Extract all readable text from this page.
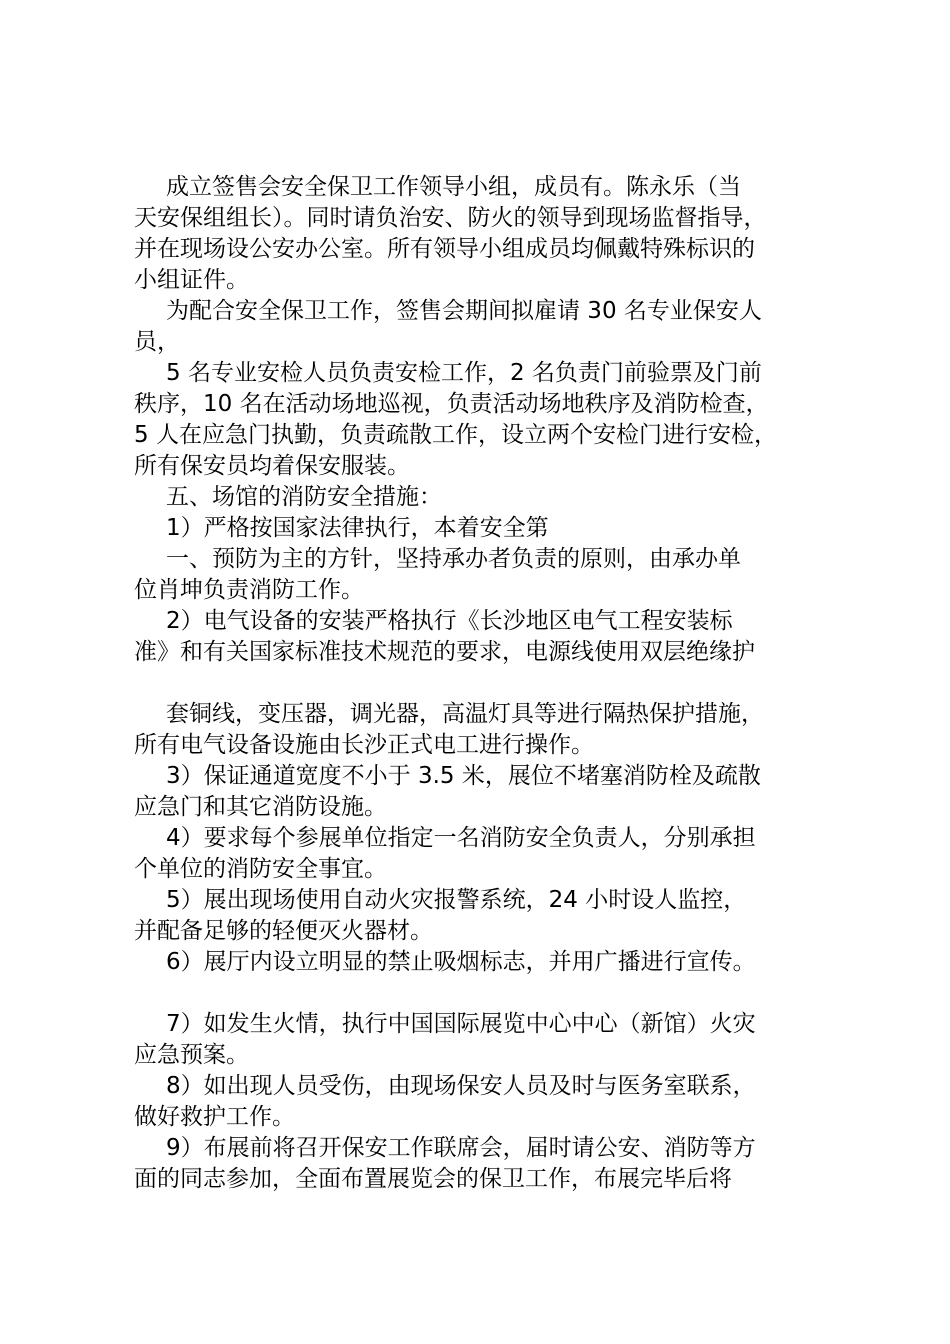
成立签售会安全保卫工作领导小组，成员有。陈永乐（当
天安保组组长）。同时请负治安、防火的领导到现场监督指导，
并在现场设公安办公室。所有领导小组成员均佩戴特殊标识的
小组证件。
为配合安全保卫工作，签售会期间拟雇请 30 名专业保安人
员，
5 名专业安检人员负责安检工作，2 名负责门前验票及门前
秩序，10 名在活动场地巡视，负责活动场地秩序及消防检查，
5 人在应急门执勤，负责疏散工作，设立两个安检门进行安检，
所有保安员均着保安服装。
五、场馆的消防安全措施：
1）严格按国家法律执行，本着安全第
一、预防为主的方针，坚持承办者负责的原则，由承办单
位肖坤负责消防工作。
2）电气设备的安装严格执行《长沙地区电气工程安装标
准》和有关国家标准技术规范的要求，电源线使用双层绝缘护
套铜线，变压器，调光器，高温灯具等进行隔热保护措施，
所有电气设备设施由长沙正式电工进行操作。
3）保证通道宽度不小于 3.5 米，展位不堵塞消防栓及疏散
应急门和其它消防设施。
4）要求每个参展单位指定一名消防安全负责人，分别承担
个单位的消防安全事宜。
5）展出现场使用自动火灾报警系统，24 小时设人监控，
并配备足够的轻便灭火器材。
6）展厅内设立明显的禁止吸烟标志，并用广播进行宣传。
7）如发生火情，执行中国国际展览中心中心（新馆）火灾
应急预案。
8）如出现人员受伤，由现场保安人员及时与医务室联系，
做好救护工作。
9）布展前将召开保安工作联席会，届时请公安、消防等方
面的同志参加，全面布置展览会的保卫工作，布展完毕后将
